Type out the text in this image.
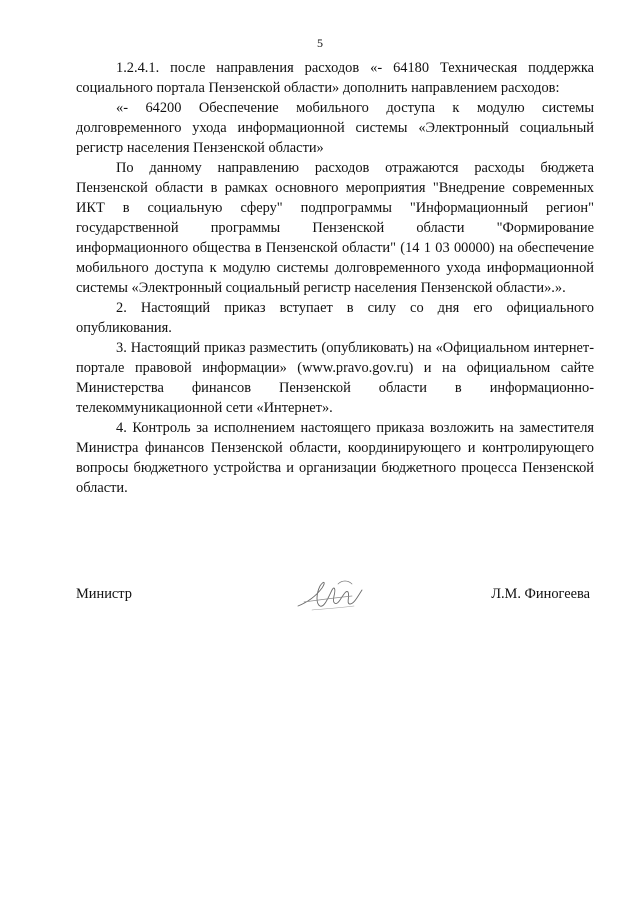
5

1.2.4.1. после направления расходов «- 64180 Техническая поддержка социального портала Пензенской области» дополнить направлением расходов:

«- 64200 Обеспечение мобильного доступа к модулю системы долговременного ухода информационной системы «Электронный социальный регистр населения Пензенской области»

По данному направлению расходов отражаются расходы бюджета Пензенской области в рамках основного мероприятия "Внедрение современных ИКТ в социальную сферу" подпрограммы "Информационный регион" государственной программы Пензенской области "Формирование информационного общества в Пензенской области" (14 1 03 00000) на обеспечение мобильного доступа к модулю системы долговременного ухода информационной системы «Электронный социальный регистр населения Пензенской области».».

2. Настоящий приказ вступает в силу со дня его официального опубликования.

3. Настоящий приказ разместить (опубликовать) на «Официальном интернет-портале правовой информации» (www.pravo.gov.ru) и на официальном сайте Министерства финансов Пензенской области в информационно-телекоммуникационной сети «Интернет».

4. Контроль за исполнением настоящего приказа возложить на заместителя Министра финансов Пензенской области, координирующего и контролирующего вопросы бюджетного устройства и организации бюджетного процесса Пензенской области.

Министр	Л.М. Финогеева
